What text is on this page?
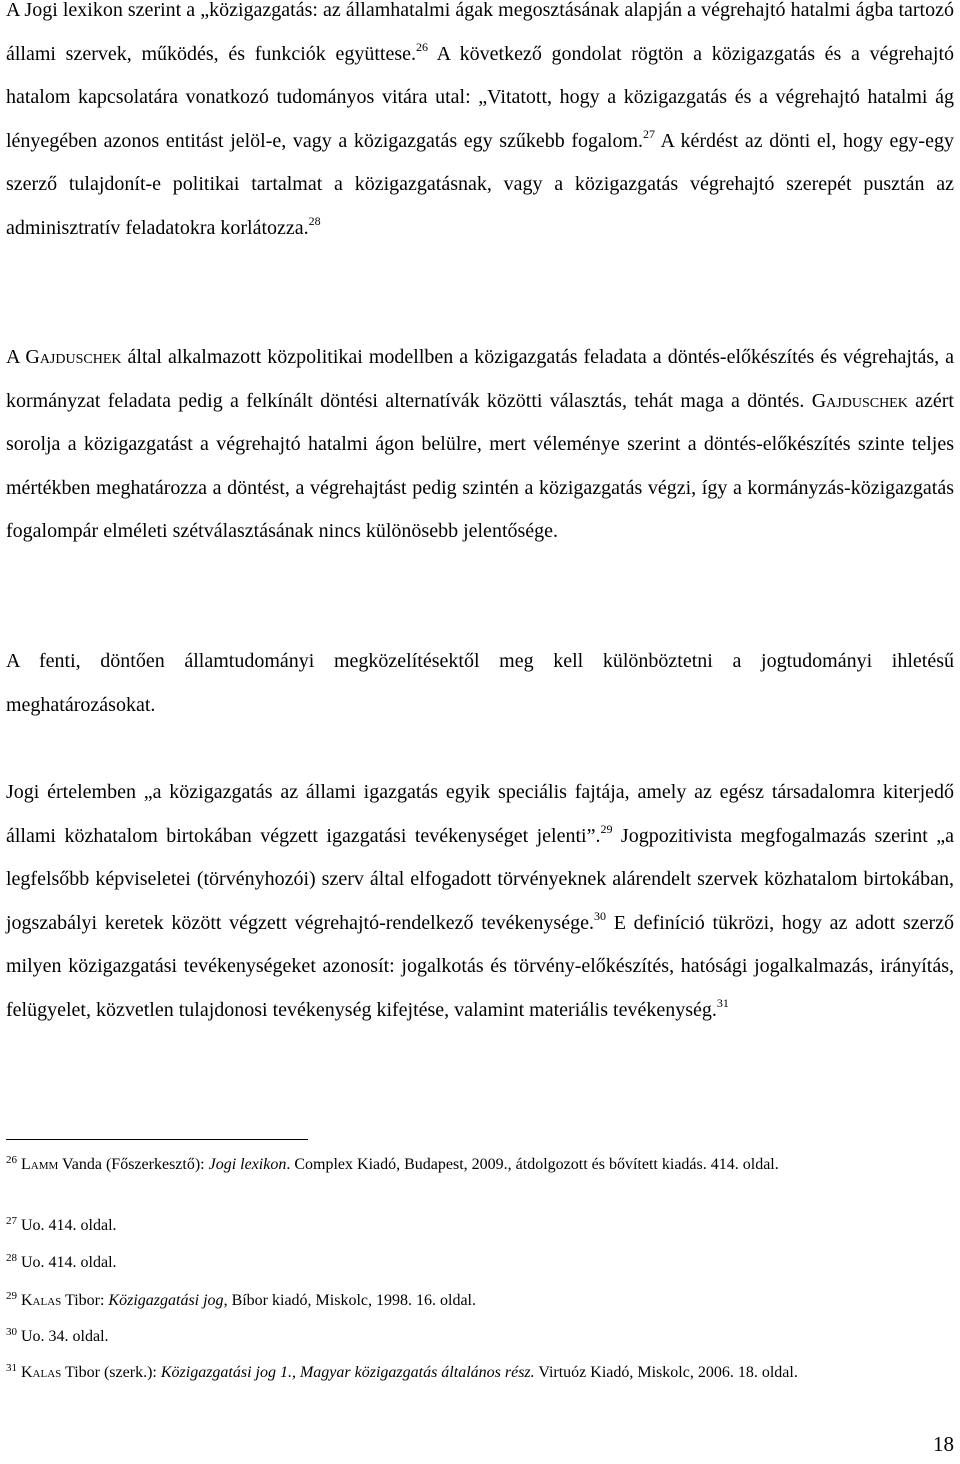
A Jogi lexikon szerint a „közigazgatás: az államhatalmi ágak megosztásának alapján a végrehajtó hatalmi ágba tartozó állami szervek, működés, és funkciók együttese.$^{26}$ A következő gondolat rögtön a közigazgatás és a végrehajtó hatalom kapcsolatára vonatkozó tudományos vitára utal: „Vitatott, hogy a közigazgatás és a végrehajtó hatalmi ág lényegében azonos entitást jelöl-e, vagy a közigazgatás egy szűkebb fogalom.$^{27}$ A kérdést az dönti el, hogy egy-egy szerző tulajdonít-e politikai tartalmat a közigazgatásnak, vagy a közigazgatás végrehajtó szerepét pusztán az adminisztratív feladatokra korlátozza.$^{28}$

A Gajduschek által alkalmazott közpolitikai modellben a közigazgatás feladata a döntés-előkészítés és végrehajtás, a kormányzat feladata pedig a felkínált döntési alternatívák közötti választás, tehát maga a döntés. Gajduschek azért sorolja a közigazgatást a végrehajtó hatalmi ágon belülre, mert véleménye szerint a döntés-előkészítés szinte teljes mértékben meghatározza a döntést, a végrehajtást pedig szintén a közigazgatás végzi, így a kormányzás-közigazgatás fogalompár elméleti szétválasztásának nincs különösebb jelentősége.

A fenti, döntően államtudományi megközelítésektől meg kell különböztetni a jogtudományi ihletésű meghatározásokat.

Jogi értelemben „a közigazgatás az állami igazgatás egyik speciális fajtája, amely az egész társadalomra kiterjedő állami közhatalom birtokában végzett igazgatási tevékenységet jelenti”.$^{29}$ Jogpozitivista megfogalmazás szerint „a legfelsőbb képviseletei (törvényhozói) szerv által elfogadott törvényeknek alárendelt szervek közhatalom birtokában, jogszabályi keretek között végzett végrehajtó-rendelkező tevékenysége.$^{30}$ E definíció tükrözi, hogy az adott szerző milyen közigazgatási tevékenységeket azonosít: jogalkotás és törvény-előkészítés, hatósági jogalkalmazás, irányítás, felügyelet, közvetlen tulajdonosi tevékenység kifejtése, valamint materiális tevékenység.$^{31}$

$^{26}$ Lamm Vanda (Főszerkesztő): Jogi lexikon. Complex Kiadó, Budapest, 2009., átdolgozott és bővített kiadás. 414. oldal.

$^{27}$ Uo. 414. oldal.

$^{28}$ Uo. 414. oldal.

$^{29}$ Kalas Tibor: Közigazgatási jog, Bíbor kiadó, Miskolc, 1998. 16. oldal.

$^{30}$ Uo. 34. oldal.

$^{31}$ Kalas Tibor (szerk.): Közigazgatási jog 1., Magyar közigazgatás általános rész. Virtuóz Kiadó, Miskolc, 2006. 18. oldal.

18
